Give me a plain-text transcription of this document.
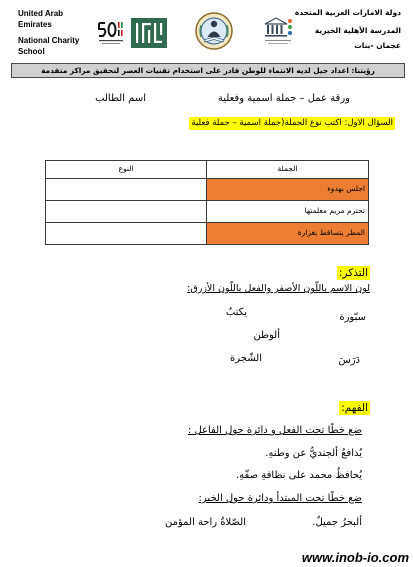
United Arab Emirates
National Charity School
دولة الامارات العربية المتحدة
المدرسة الأهلية الخيرية
عجمان -بنات
رؤيتنا: اعداد جيل لديه الانتماء للوطن قادر على استخدام تقنيات العصر لتحقيق مراكز متقدمة
ورقة عمل – جملة اسمية وفعلية
اسم الطالب
السؤال الاول: اكتب نوع الجملة(جملة اسمية – جملة فعلية
الجملة	النوع
اجلس بهدوء	
تحترم مريم معلمتها	
المطر يتساقط بغزارة	
التذكر:
لون الاسم باللّون الأصفر والفعل باللّون الأزرق:
سبّورة
يكتبُ
ألوطن
دَرَسَ
الشّجرة
الفهم:
ضع خطًا تحت الفعل و دائرة حول الفاعل :
يُدافعُ ألجنديُّ عن وطنهِ.
يُحافظُ محمد على نظافةِ صفّهِ.
ضع خطًا تحت المبتدأ ودائرة حول الخبر:
ألبحرُ جميلٌ.
الصّلاةُ راحة المؤمن
www.inob-io.com
